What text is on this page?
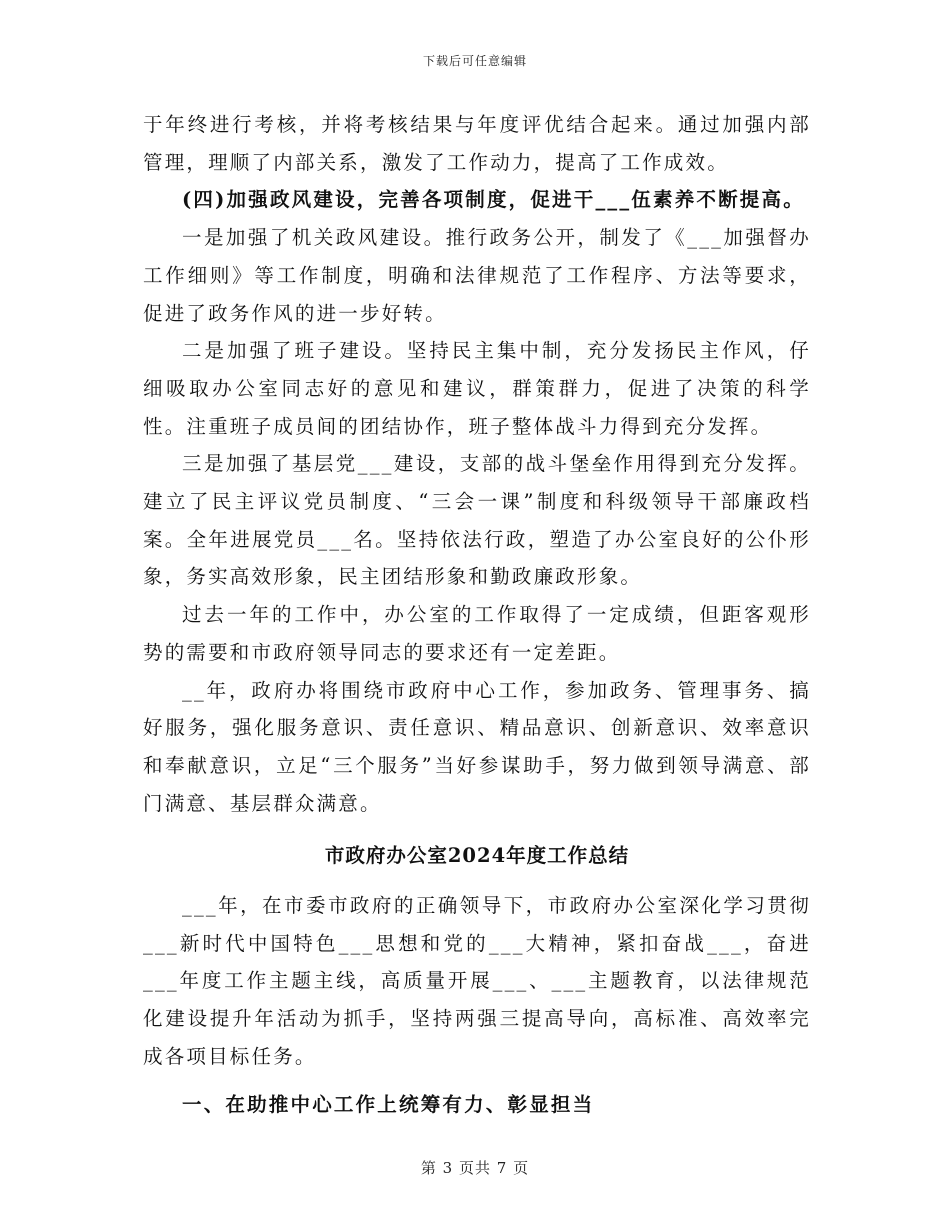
下载后可任意编辑

于年终进行考核，并将考核结果与年度评优结合起来。通过加强内部管理，理顺了内部关系，激发了工作动力，提高了工作成效。

(四)加强政风建设，完善各项制度，促进干___伍素养不断提高。

一是加强了机关政风建设。推行政务公开，制发了《___加强督办工作细则》等工作制度，明确和法律规范了工作程序、方法等要求，促进了政务作风的进一步好转。

二是加强了班子建设。坚持民主集中制，充分发扬民主作风，仔细吸取办公室同志好的意见和建议，群策群力，促进了决策的科学性。注重班子成员间的团结协作，班子整体战斗力得到充分发挥。

三是加强了基层党___建设，支部的战斗堡垒作用得到充分发挥。建立了民主评议党员制度、“三会一课”制度和科级领导干部廉政档案。全年进展党员___名。坚持依法行政，塑造了办公室良好的公仆形象，务实高效形象，民主团结形象和勤政廉政形象。

过去一年的工作中，办公室的工作取得了一定成绩，但距客观形势的需要和市政府领导同志的要求还有一定差距。

__年，政府办将围绕市政府中心工作，参加政务、管理事务、搞好服务，强化服务意识、责任意识、精品意识、创新意识、效率意识和奉献意识，立足“三个服务”当好参谋助手，努力做到领导满意、部门满意、基层群众满意。

市政府办公室2024年度工作总结

___年，在市委市政府的正确领导下，市政府办公室深化学习贯彻___新时代中国特色___思想和党的___大精神，紧扣奋战___，奋进___年度工作主题主线，高质量开展___、___主题教育，以法律规范化建设提升年活动为抓手，坚持两强三提高导向，高标准、高效率完成各项目标任务。

一、在助推中心工作上统筹有力、彰显担当

第 3 页共 7 页
